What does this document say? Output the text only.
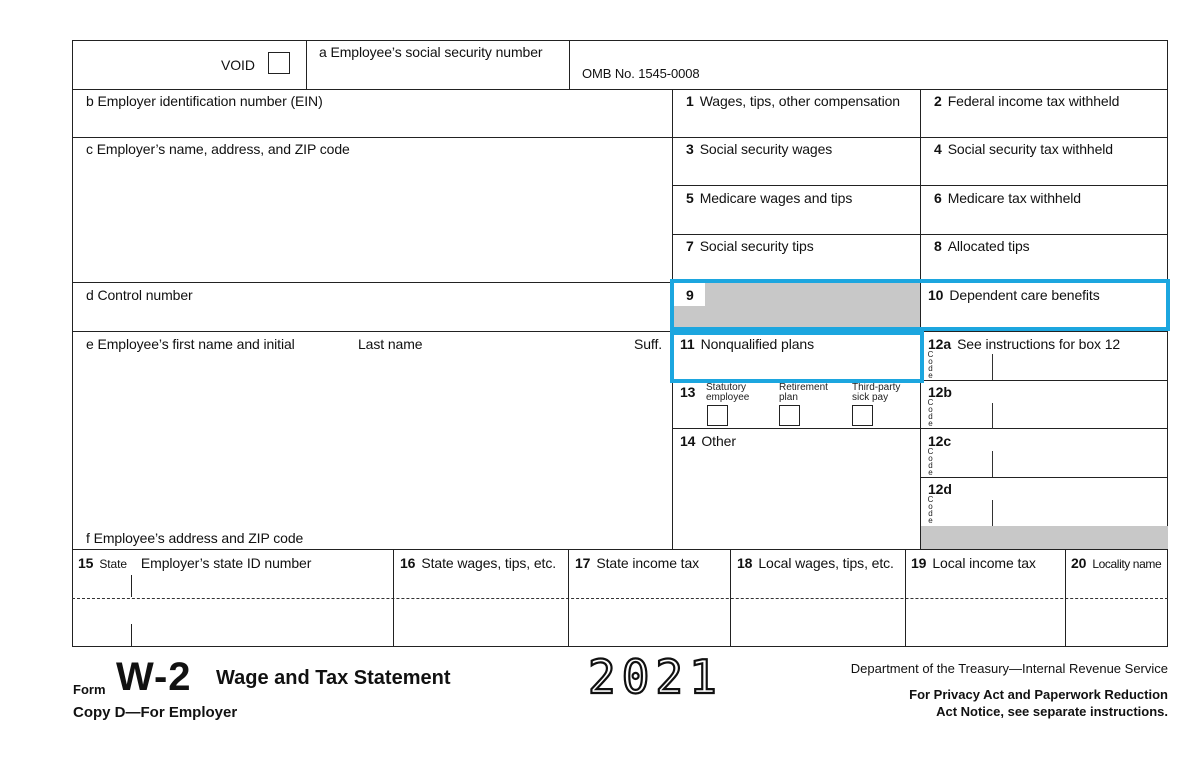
VOID
a Employee’s social security number
OMB No. 1545-0008
b Employer identification number (EIN)
c Employer’s name, address, and ZIP code
d Control number
e Employee’s first name and initial	Last name	Suff.
f Employee’s address and ZIP code
1 Wages, tips, other compensation
3 Social security wages
5 Medicare wages and tips
7 Social security tips
9
11 Nonqualified plans
13 Statutory employee
Retirement plan
Third-party sick pay
14 Other
2 Federal income tax withheld
4 Social security tax withheld
6 Medicare tax withheld
8 Allocated tips
10 Dependent care benefits
12a See instructions for box 12
12b
12c
12d
C
o
d
e
C
o
d
e
C
o
d
e
C
o
d
e
15 State Employer’s state ID number	16 State wages, tips, etc. 17 State income tax	18 Local wages, tips, etc. 19 Local income tax	20 Locality name
Form W-2 Wage and Tax Statement
Copy D—For Employer
2021	Department of the Treasury—Internal Revenue Service
For Privacy Act and Paperwork Reduction
Act Notice, see separate instructions.
